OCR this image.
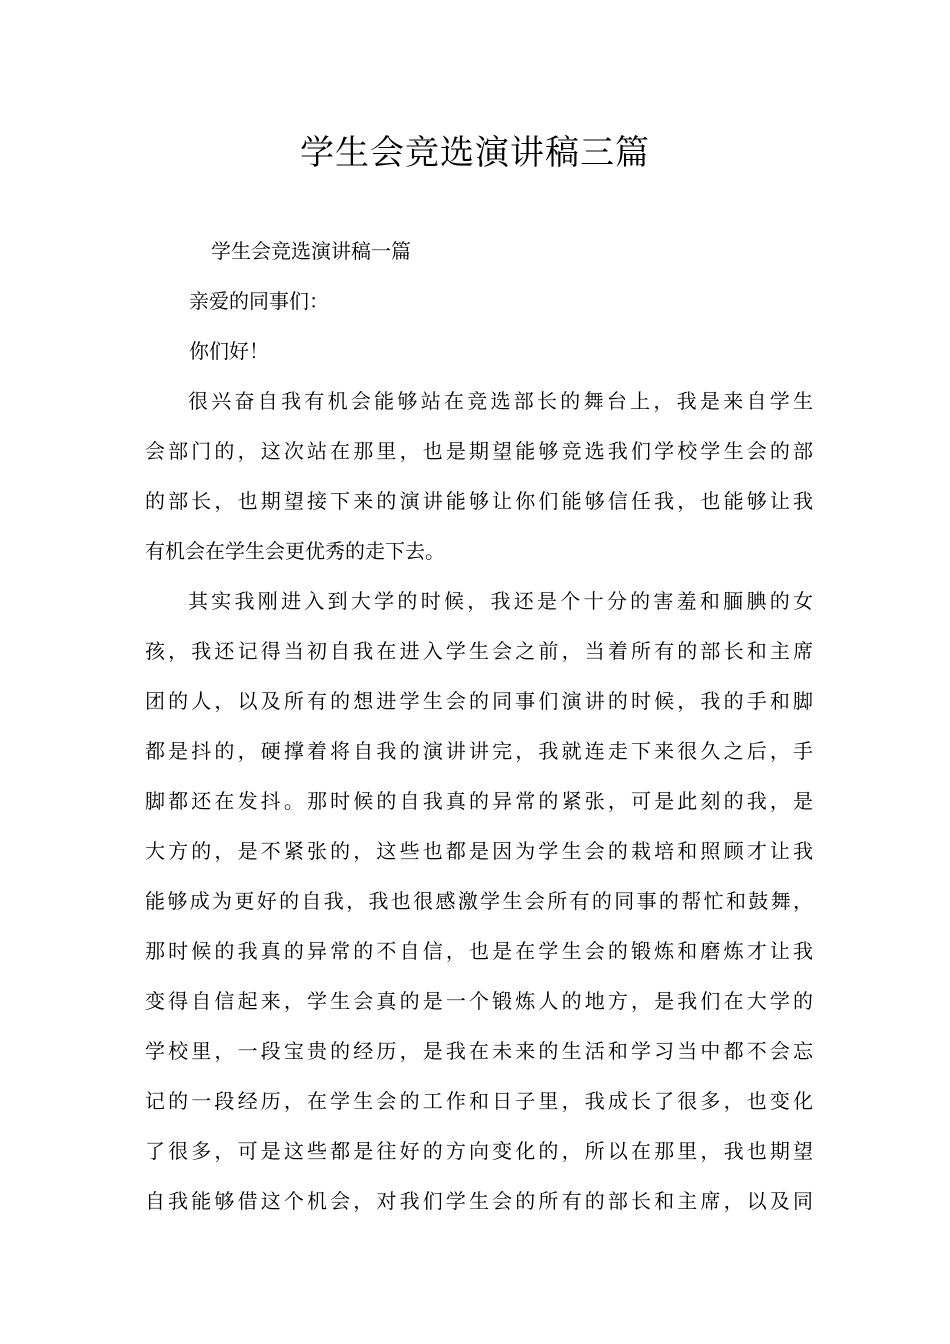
学生会竞选演讲稿三篇

学生会竞选演讲稿一篇

亲爱的同事们：

你们好！

很兴奋自我有机会能够站在竞选部长的舞台上，我是来自学生
会部门的，这次站在那里，也是期望能够竞选我们学校学生会的部
的部长，也期望接下来的演讲能够让你们能够信任我，也能够让我
有机会在学生会更优秀的走下去。
其实我刚进入到大学的时候，我还是个十分的害羞和腼腆的女
孩，我还记得当初自我在进入学生会之前，当着所有的部长和主席
团的人，以及所有的想进学生会的同事们演讲的时候，我的手和脚
都是抖的，硬撑着将自我的演讲讲完，我就连走下来很久之后，手
脚都还在发抖。那时候的自我真的异常的紧张，可是此刻的我，是
大方的，是不紧张的，这些也都是因为学生会的栽培和照顾才让我
能够成为更好的自我，我也很感激学生会所有的同事的帮忙和鼓舞，
那时候的我真的异常的不自信，也是在学生会的锻炼和磨炼才让我
变得自信起来，学生会真的是一个锻炼人的地方，是我们在大学的
学校里，一段宝贵的经历，是我在未来的生活和学习当中都不会忘
记的一段经历，在学生会的工作和日子里，我成长了很多，也变化
了很多，可是这些都是往好的方向变化的，所以在那里，我也期望
自我能够借这个机会，对我们学生会的所有的部长和主席，以及同
